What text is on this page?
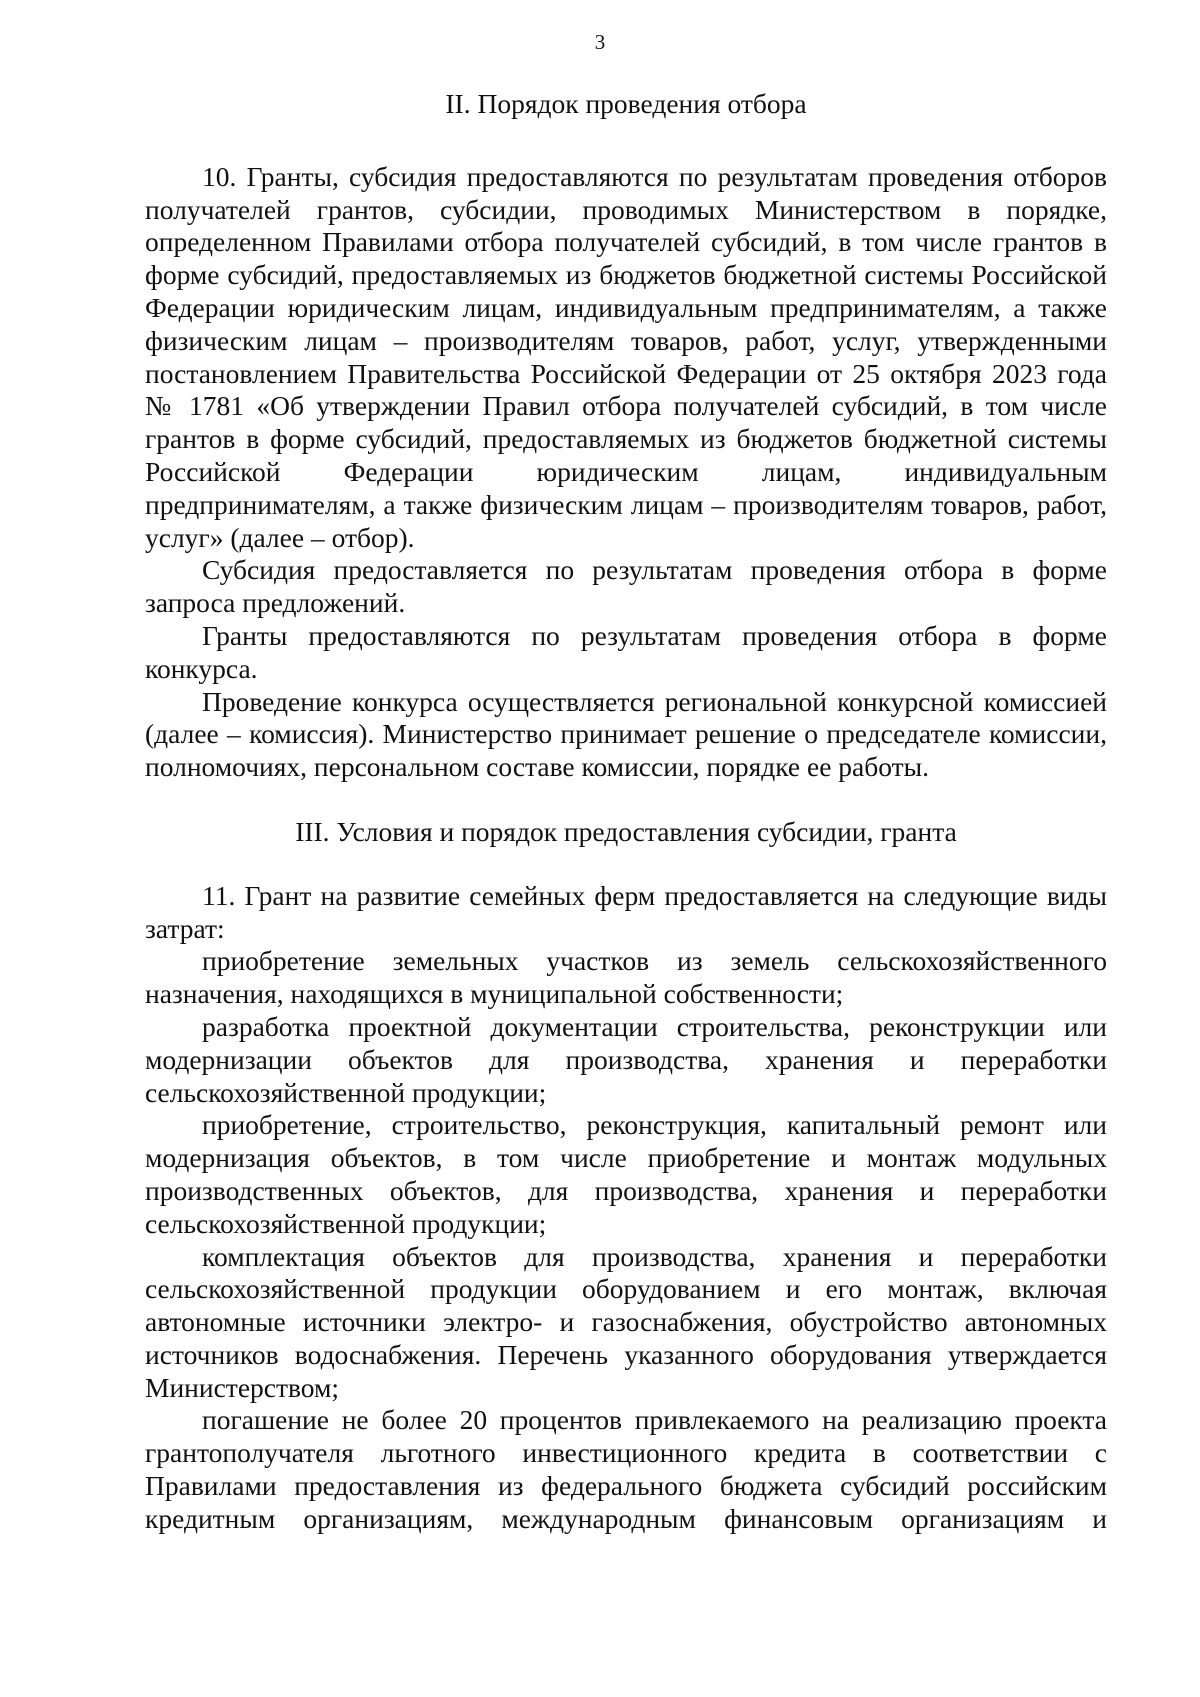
3
II. Порядок проведения отбора

10. Гранты, субсидия предоставляются по результатам проведения отборов получателей грантов, субсидии, проводимых Министерством в порядке, определенном Правилами отбора получателей субсидий, в том числе грантов в форме субсидий, предоставляемых из бюджетов бюджетной системы Российской Федерации юридическим лицам, индивидуальным предпринимателям, а также физическим лицам – производителям товаров, работ, услуг, утвержденными постановлением Правительства Российской Федерации от 25 октября 2023 года № 1781 «Об утверждении Правил отбора получателей субсидий, в том числе грантов в форме субсидий, предоставляемых из бюджетов бюджетной системы Российской Федерации юридическим лицам, индивидуальным предпринимателям, а также физическим лицам – производителям товаров, работ, услуг» (далее – отбор).

Субсидия предоставляется по результатам проведения отбора в форме запроса предложений.

Гранты предоставляются по результатам проведения отбора в форме конкурса.

Проведение конкурса осуществляется региональной конкурсной комиссией (далее – комиссия). Министерство принимает решение о председателе комиссии, полномочиях, персональном составе комиссии, порядке ее работы.

III. Условия и порядок предоставления субсидии, гранта

11. Грант на развитие семейных ферм предоставляется на следующие виды затрат:

приобретение земельных участков из земель сельскохозяйственного назначения, находящихся в муниципальной собственности;

разработка проектной документации строительства, реконструкции или модернизации объектов для производства, хранения и переработки сельскохозяйственной продукции;

приобретение, строительство, реконструкция, капитальный ремонт или модернизация объектов, в том числе приобретение и монтаж модульных производственных объектов, для производства, хранения и переработки сельскохозяйственной продукции;

комплектация объектов для производства, хранения и переработки сельскохозяйственной продукции оборудованием и его монтаж, включая автономные источники электро- и газоснабжения, обустройство автономных источников водоснабжения. Перечень указанного оборудования утверждается Министерством;

погашение не более 20 процентов привлекаемого на реализацию проекта грантополучателя льготного инвестиционного кредита в соответствии с Правилами предоставления из федерального бюджета субсидий российским кредитным организациям, международным финансовым организациям и
